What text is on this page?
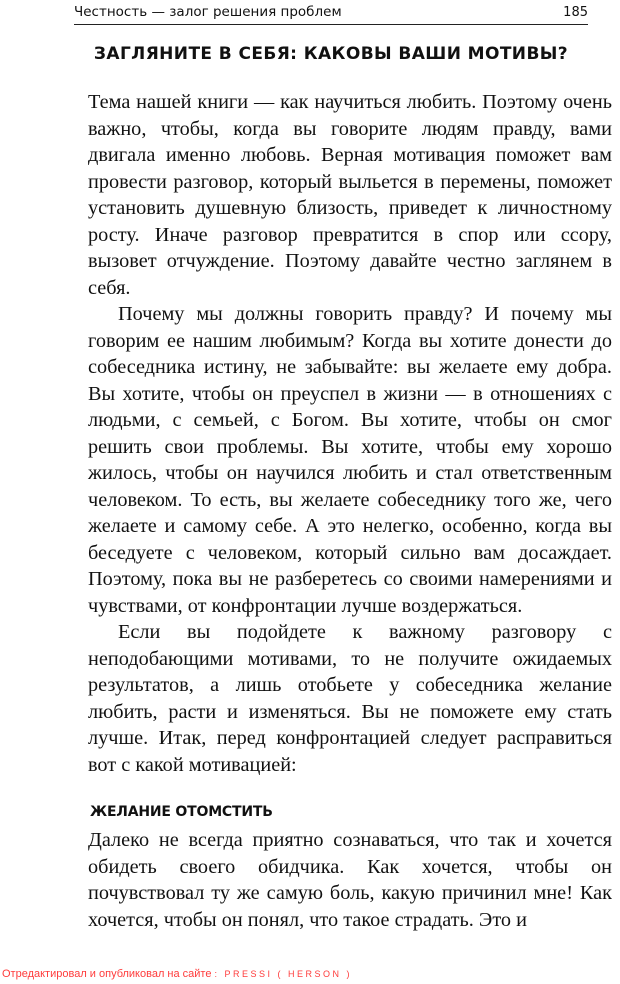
Честность — залог решения проблем	185
ЗАГЛЯНИТЕ В СЕБЯ: КАКОВЫ ВАШИ МОТИВЫ?

Тема нашей книги — как научиться любить. Поэтому очень важно, чтобы, когда вы говорите людям правду, вами двигала именно любовь. Верная мотивация поможет вам провести разговор, который выльется в перемены, поможет установить душевную близость, приведет к личностному росту. Иначе разговор превратится в спор или ссору, вызовет отчуждение. Поэтому давайте честно заглянем в себя.

Почему мы должны говорить правду? И почему мы говорим ее нашим любимым? Когда вы хотите донести до собеседника истину, не забывайте: вы желаете ему добра. Вы хотите, чтобы он преуспел в жизни — в отношениях с людьми, с семьей, с Богом. Вы хотите, чтобы он смог решить свои проблемы. Вы хотите, чтобы ему хорошо жилось, чтобы он научился любить и стал ответственным человеком. То есть, вы желаете собеседнику того же, чего желаете и самому себе. А это нелегко, особенно, когда вы беседуете с человеком, который сильно вам досаждает. Поэтому, пока вы не разберетесь со своими намерениями и чувствами, от конфронтации лучше воздержаться.

Если вы подойдете к важному разговору с неподобающими мотивами, то не получите ожидаемых результатов, а лишь отобьете у собеседника желание любить, расти и изменяться. Вы не поможете ему стать лучше. Итак, перед конфронтацией следует расправиться вот с какой мотивацией:

ЖЕЛАНИЕ ОТОМСТИТЬ

Далеко не всегда приятно сознаваться, что так и хочется обидеть своего обидчика. Как хочется, чтобы он почувствовал ту же самую боль, какую причинил мне! Как хочется, чтобы он понял, что такое страдать. Это и

Отредактировал и опубликовал на сайте : PRESSI ( HERSON )
